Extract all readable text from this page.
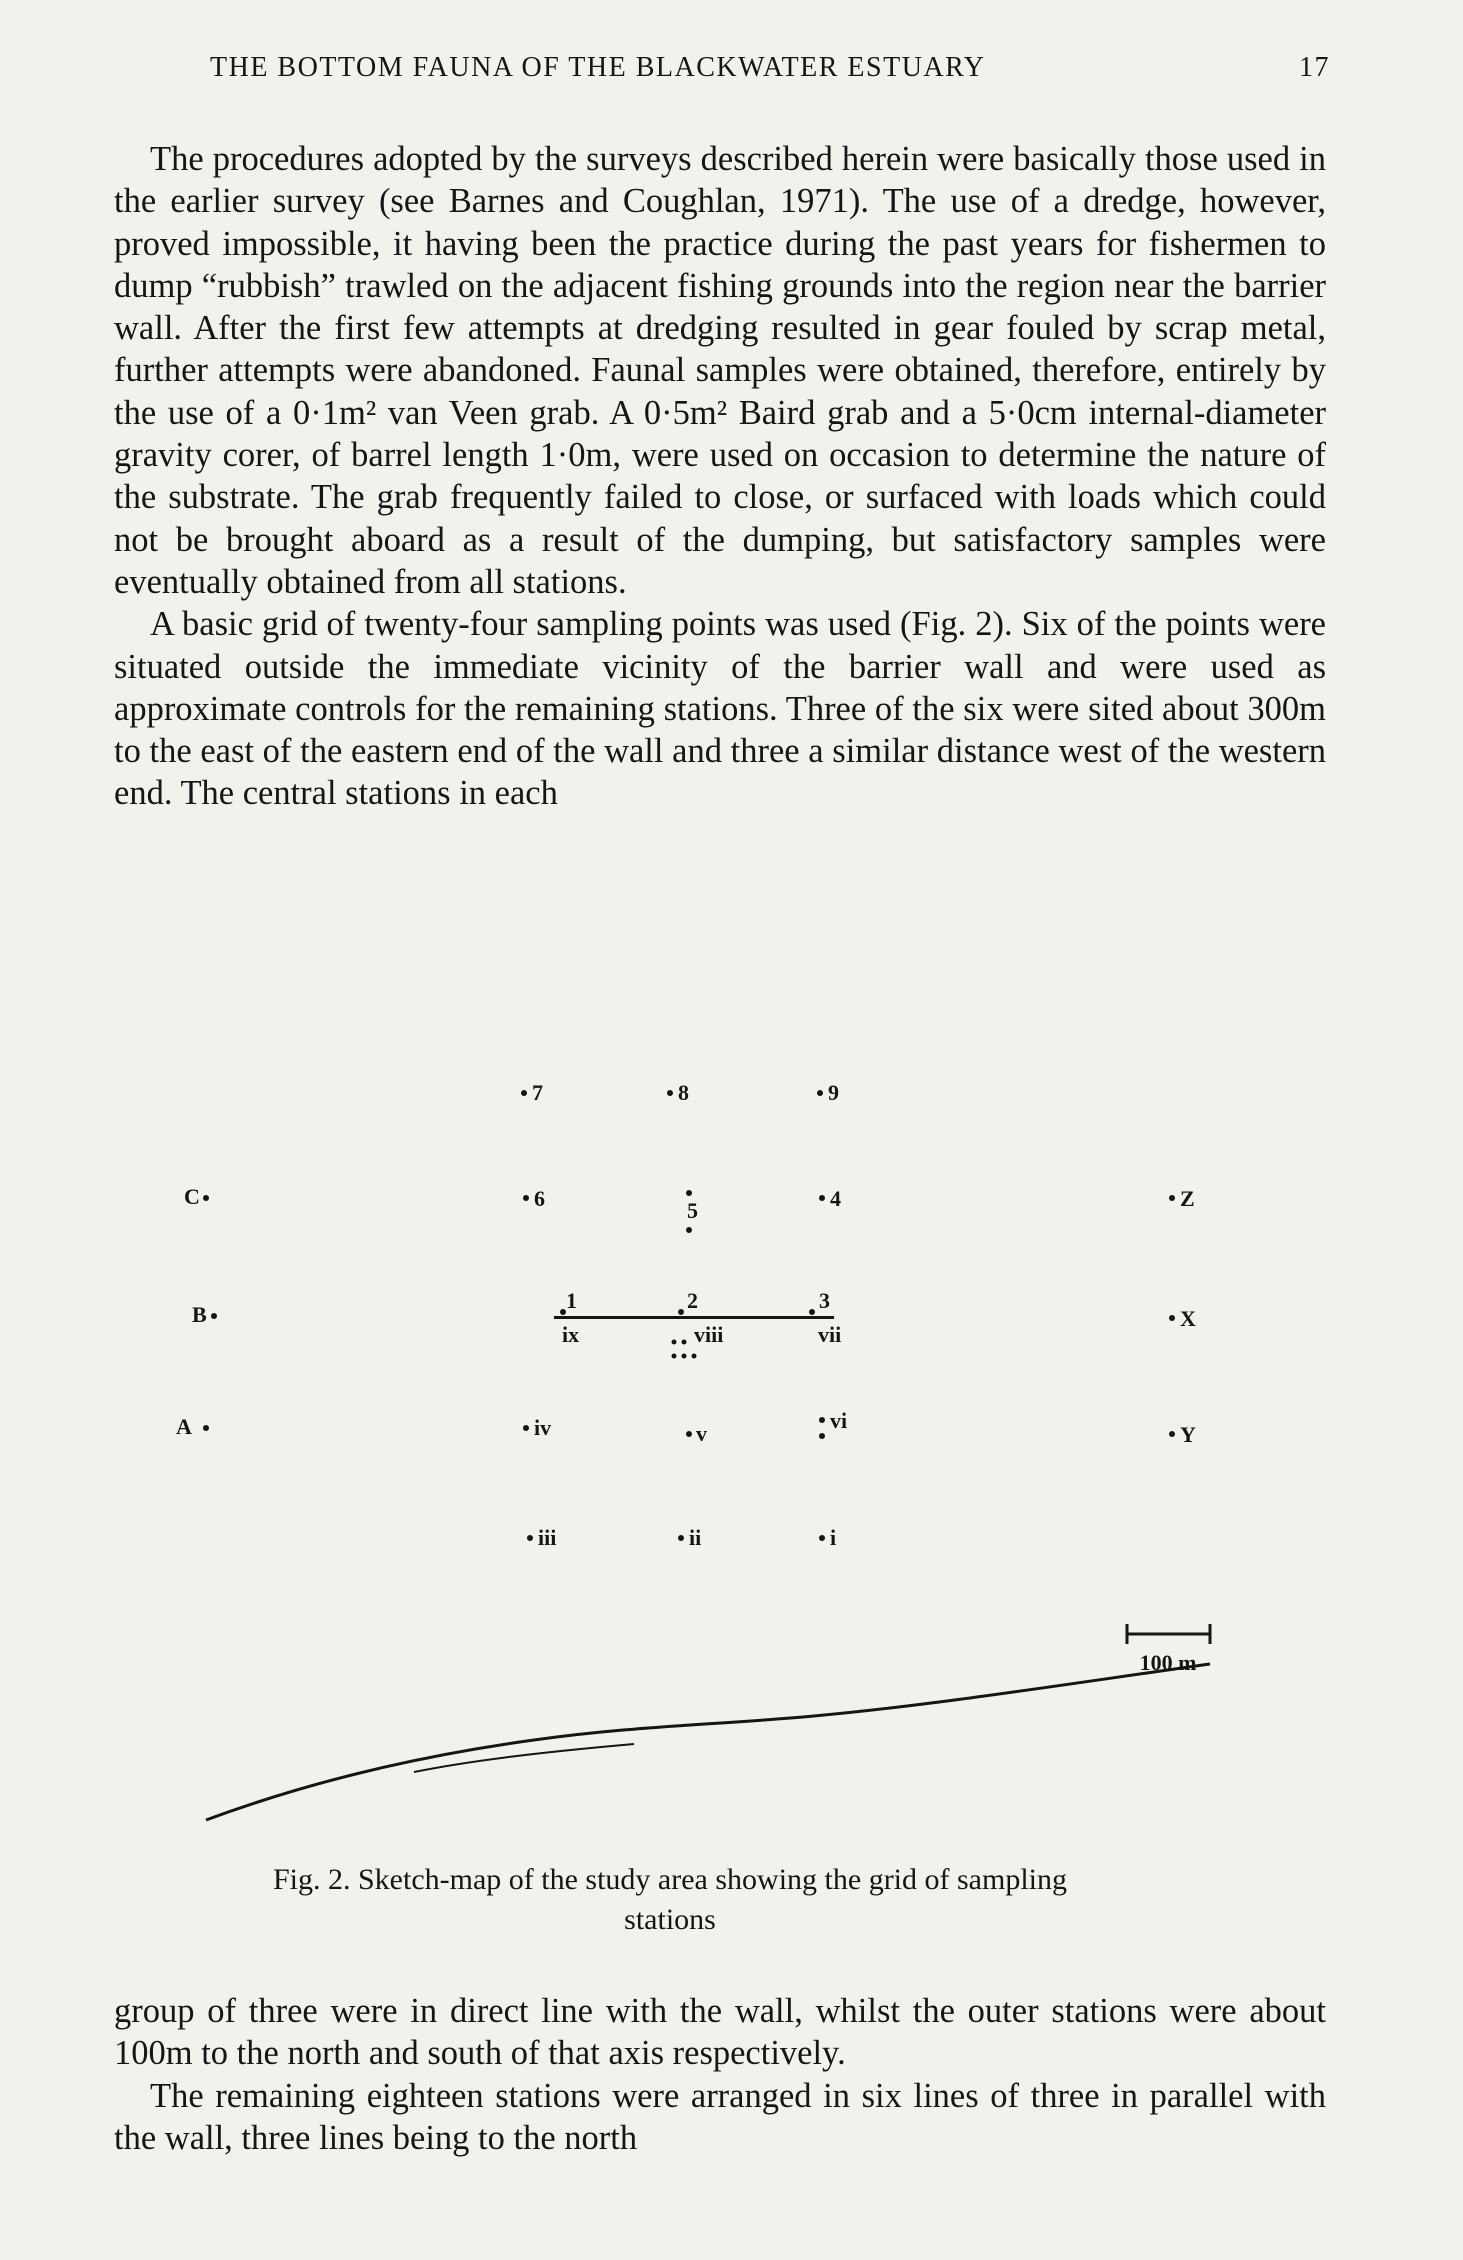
THE BOTTOM FAUNA OF THE BLACKWATER ESTUARY	17

The procedures adopted by the surveys described herein were basically those used in the earlier survey (see Barnes and Coughlan, 1971). The use of a dredge, however, proved impossible, it having been the practice during the past years for fishermen to dump “rubbish” trawled on the adjacent fishing grounds into the region near the barrier wall. After the first few attempts at dredging resulted in gear fouled by scrap metal, further attempts were abandoned. Faunal samples were obtained, therefore, entirely by the use of a 0·1m² van Veen grab. A 0·5m² Baird grab and a 5·0cm internal-diameter gravity corer, of barrel length 1·0m, were used on occasion to determine the nature of the substrate. The grab frequently failed to close, or surfaced with loads which could not be brought aboard as a result of the dumping, but satisfactory samples were eventually obtained from all stations.

A basic grid of twenty-four sampling points was used (Fig. 2). Six of the points were situated outside the immediate vicinity of the barrier wall and were used as approximate controls for the remaining stations. Three of the six were sited about 300m to the east of the eastern end of the wall and three a similar distance west of the western end. The central stations in each

7	8	9
C	6	5	4	Z
1	2	3
B
ix	viii	vii
X
A	iv	v
vi
Y
iii	ii	i
100 m
Fig. 2. Sketch-map of the study area showing the grid of sampling
stations

group of three were in direct line with the wall, whilst the outer stations were about 100m to the north and south of that axis respectively.

The remaining eighteen stations were arranged in six lines of three in parallel with the wall, three lines being to the north
